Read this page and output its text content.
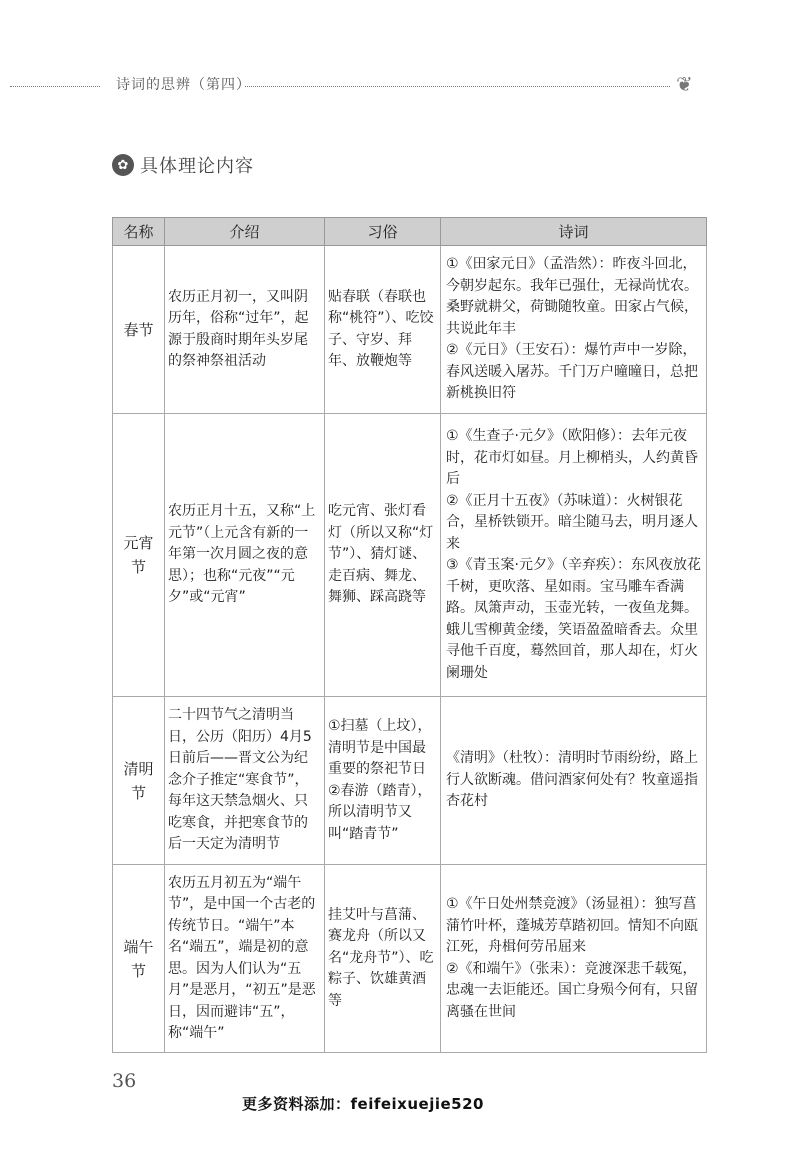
诗词的思辨（第四）	❦
✿ 具体理论内容
名称	介绍	习俗	诗词
春节	农历正月初一，又叫阴历年，俗称“过年”，起源于殷商时期年头岁尾的祭神祭祖活动	贴春联（春联也称“桃符”）、吃饺子、守岁、拜年、放鞭炮等	①《田家元日》（孟浩然）：昨夜斗回北，今朝岁起东。我年已强仕，无禄尚忧农。桑野就耕父，荷锄随牧童。田家占气候，共说此年丰
②《元日》（王安石）：爆竹声中一岁除，春风送暖入屠苏。千门万户曈曈日，总把新桃换旧符

元宵节	农历正月十五，又称“上元节”（上元含有新的一年第一次月圆之夜的意思）；也称“元夜”“元夕”或“元宵”	吃元宵、张灯看灯（所以又称“灯节”）、猜灯谜、走百病、舞龙、舞狮、踩高跷等	①《生查子·元夕》（欧阳修）：去年元夜时，花市灯如昼。月上柳梢头，人约黄昏后
②《正月十五夜》（苏味道）：火树银花合，星桥铁锁开。暗尘随马去，明月逐人来
③《青玉案·元夕》（辛弃疾）：东风夜放花千树，更吹落、星如雨。宝马雕车香满路。凤箫声动，玉壶光转，一夜鱼龙舞。蛾儿雪柳黄金缕，笑语盈盈暗香去。众里寻他千百度，蓦然回首，那人却在，灯火阑珊处

清明节	二十四节气之清明当日，公历（阳历）4月5日前后——晋文公为纪念介子推定“寒食节”，每年这天禁急烟火、只吃寒食，并把寒食节的后一天定为清明节	①扫墓（上坟），清明节是中国最重要的祭祀节日 ②春游（踏青），所以清明节又叫“踏青节”	《清明》（杜牧）：清明时节雨纷纷，路上行人欲断魂。借问酒家何处有？牧童遥指杏花村

端午节	农历五月初五为“端午节”，是中国一个古老的传统节日。“端午”本名“端五”，端是初的意思。因为人们认为“五月”是恶月，“初五”是恶日，因而避讳“五”，称“端午”	挂艾叶与菖蒲、赛龙舟（所以又名“龙舟节”）、吃粽子、饮雄黄酒等	①《午日处州禁竞渡》（汤显祖）：独写菖蒲竹叶杯，蓬城芳草踏初回。情知不向瓯江死，舟楫何劳吊屈来
②《和端午》（张耒）：竞渡深悲千载冤，忠魂一去讵能还。国亡身殒今何有，只留离骚在世间
36
更多资料添加：feifeixuejie520
